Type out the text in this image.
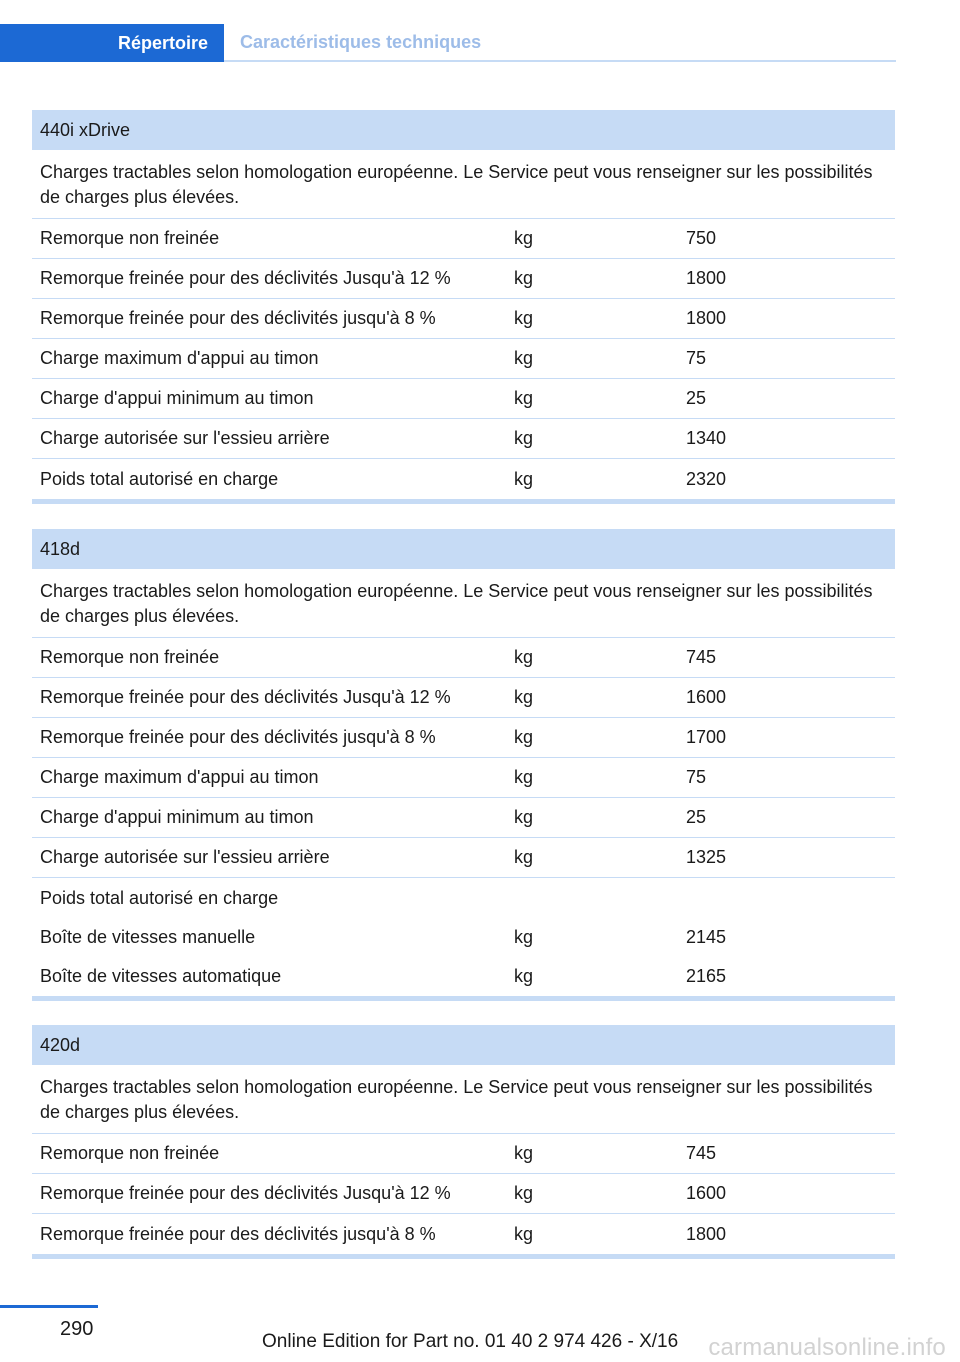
Répertoire	Caractéristiques techniques
440i xDrive
Charges tractables selon homologation européenne. Le Service peut vous renseigner sur les possibilités de charges plus élevées.
Remorque non freinée	kg	750
Remorque freinée pour des déclivités Jusqu'à 12 %	kg	1800
Remorque freinée pour des déclivités jusqu'à 8 %	kg	1800
Charge maximum d'appui au timon	kg	75
Charge d'appui minimum au timon	kg	25
Charge autorisée sur l'essieu arrière	kg	1340
Poids total autorisé en charge	kg	2320
418d
Charges tractables selon homologation européenne. Le Service peut vous renseigner sur les possibilités de charges plus élevées.
Remorque non freinée	kg	745
Remorque freinée pour des déclivités Jusqu'à 12 %	kg	1600
Remorque freinée pour des déclivités jusqu'à 8 %	kg	1700
Charge maximum d'appui au timon	kg	75
Charge d'appui minimum au timon	kg	25
Charge autorisée sur l'essieu arrière	kg	1325
Poids total autorisé en charge
Boîte de vitesses manuelle	kg	2145
Boîte de vitesses automatique	kg	2165
420d
Charges tractables selon homologation européenne. Le Service peut vous renseigner sur les possibilités de charges plus élevées.
Remorque non freinée	kg	745
Remorque freinée pour des déclivités Jusqu'à 12 %	kg	1600
Remorque freinée pour des déclivités jusqu'à 8 %	kg	1800
290
Online Edition for Part no. 01 40 2 974 426 - X/16 carmanualsonline.info
